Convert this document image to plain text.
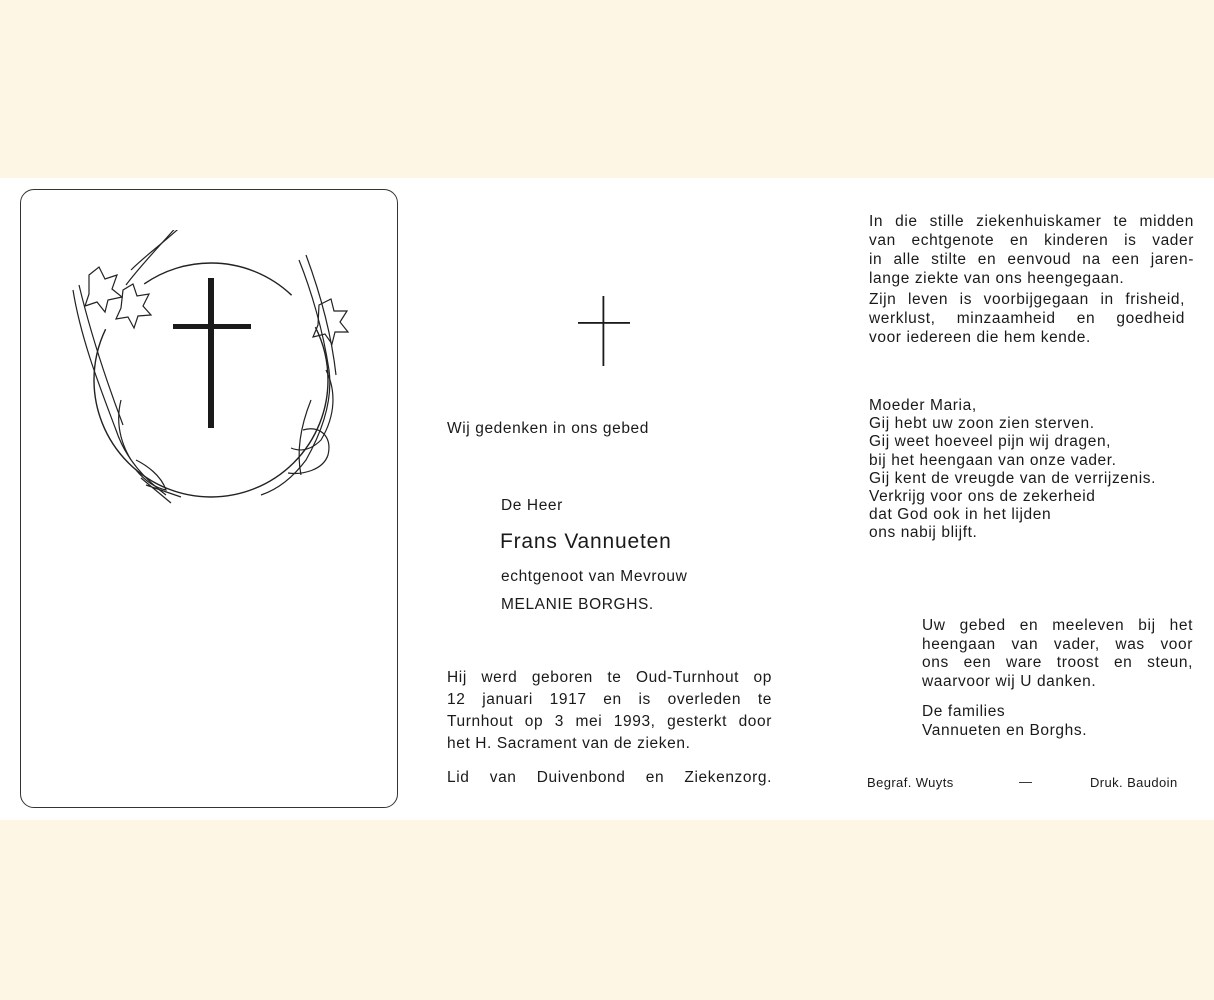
Wij gedenken in ons gebed
De Heer
Frans Vannueten
echtgenoot van Mevrouw
MELANIE BORGHS.
Hij werd geboren te Oud-Turnhout op
12 januari 1917 en is overleden te
Turnhout op 3 mei 1993, gesterkt door
het H. Sacrament van de zieken.
Lid van Duivenbond en Ziekenzorg.
In die stille ziekenhuiskamer te midden
van echtgenote en kinderen is vader
in alle stilte en eenvoud na een jaren-
lange ziekte van ons heengegaan.
Zijn leven is voorbijgegaan in frisheid,
werklust, minzaamheid en goedheid
voor iedereen die hem kende.
Moeder Maria,
Gij hebt uw zoon zien sterven.
Gij weet hoeveel pijn wij dragen,
bij het heengaan van onze vader.
Gij kent de vreugde van de verrijzenis.
Verkrijg voor ons de zekerheid
dat God ook in het lijden
ons nabij blijft.
Uw gebed en meeleven bij het
heengaan van vader, was voor
ons een ware troost en steun,
waarvoor wij U danken.
De families
Vannueten en Borghs.
Begraf. Wuyts	—	Druk. Baudoin
